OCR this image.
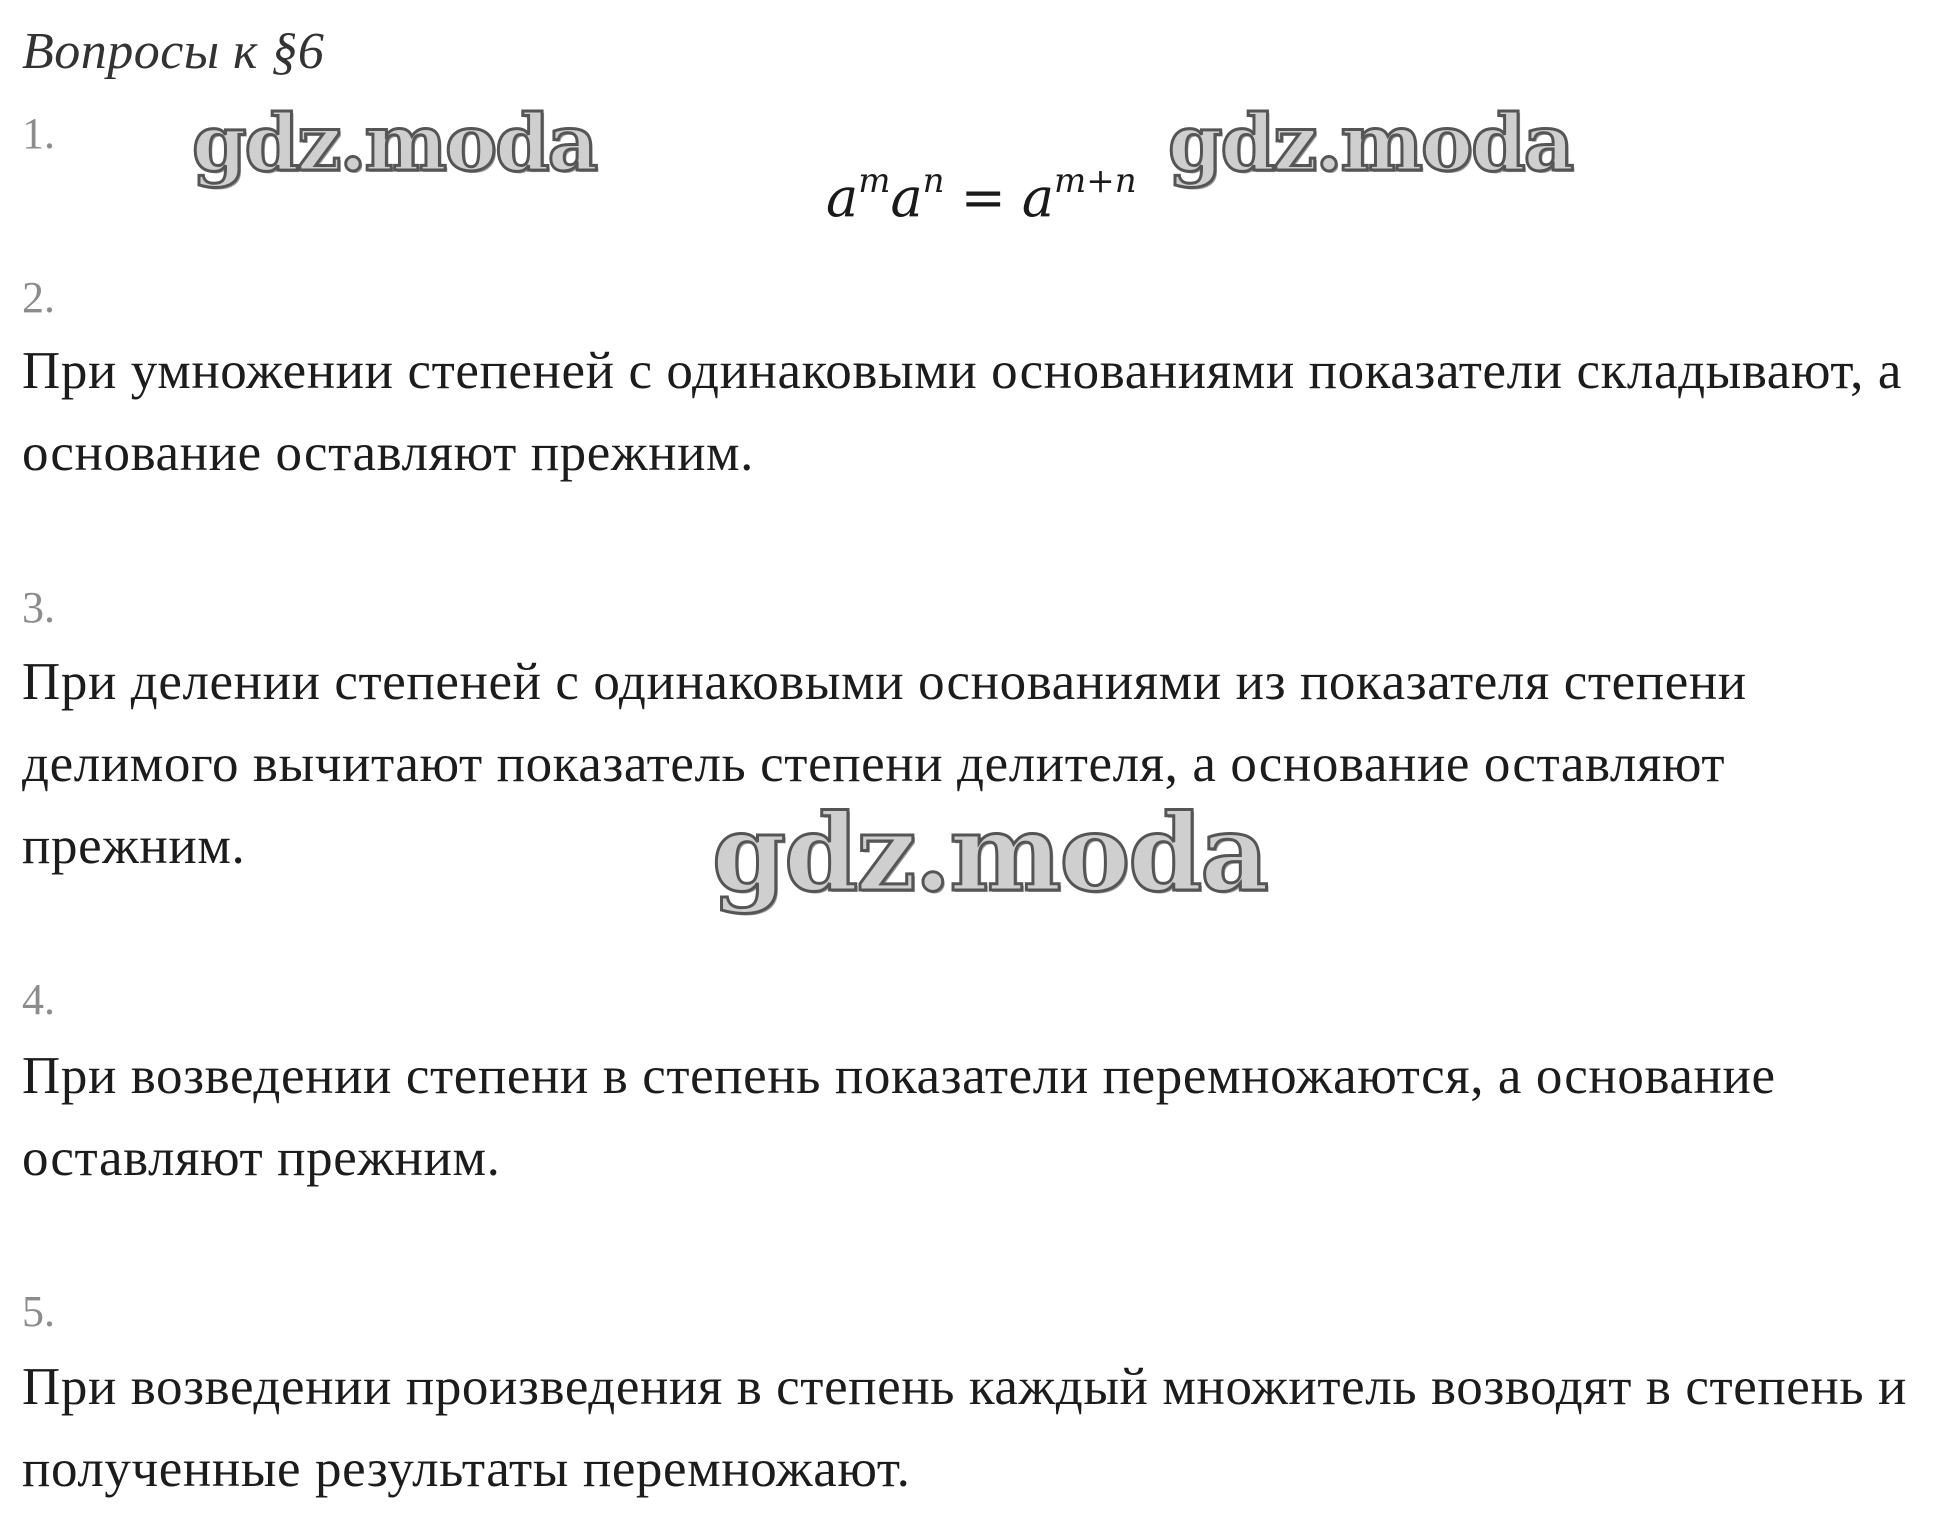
Вопросы к §6
1.
$a^ma^n = a^{m+n}$
2.
При умножении степеней с одинаковыми основаниями показатели складывают, а основание оставляют прежним.
3.
При делении степеней с одинаковыми основаниями из показателя степени делимого вычитают показатель степени делителя, а основание оставляют прежним.
4.
При возведении степени в степень показатели перемножаются, а основание оставляют прежним.
5.
При возведении произведения в степень каждый множитель возводят в степень и полученные результаты перемножают.
gdz.moda	gdz.moda
gdz.moda
